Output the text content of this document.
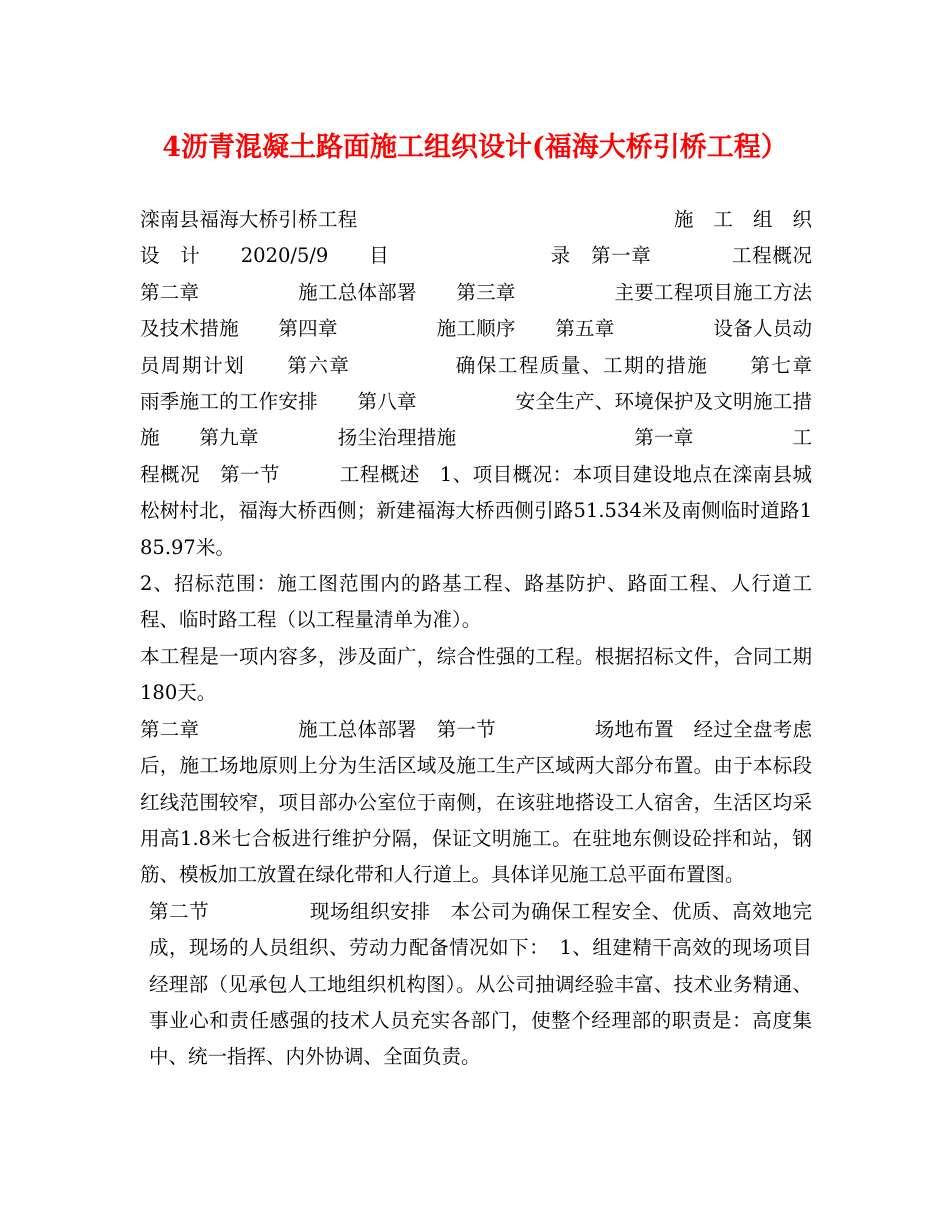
4沥青混凝土路面施工组织设计(福海大桥引桥工程）

滦南县福海大桥引桥工程　　　　　　　　　　　　　　　　施　工　组　织　设　计　　2020/5/9　　目　　　　　　　　录　第一章　　　　工程概况　　第二章　　　　　施工总体部署　　第三章　　　　　主要工程项目施工方法及技术措施　　第四章　　　　　施工顺序　　第五章　　　　　设备人员动员周期计划　　第六章　　　　　确保工程质量、工期的措施　　第七章　　　　　雨季施工的工作安排　　第八章　　　　　安全生产、环境保护及文明施工措施　　第九章　　　　扬尘治理措施　　　　　　　　　第一章　　　　　工程概况　第一节　　　工程概述　1、项目概况：本项目建设地点在滦南县城松树村北，福海大桥西侧；新建福海大桥西侧引路51.534米及南侧临时道路185.97米。

2、招标范围：施工图范围内的路基工程、路基防护、路面工程、人行道工程、临时路工程（以工程量清单为准）。

本工程是一项内容多，涉及面广，综合性强的工程。根据招标文件，合同工期180天。

第二章　　　　　施工总体部署　第一节　　　　　场地布置　经过全盘考虑后，施工场地原则上分为生活区域及施工生产区域两大部分布置。由于本标段红线范围较窄，项目部办公室位于南侧，在该驻地搭设工人宿舍，生活区均采用高1.8米七合板进行维护分隔，保证文明施工。在驻地东侧设砼拌和站，钢筋、模板加工放置在绿化带和人行道上。具体详见施工总平面布置图。

第二节　　　　　现场组织安排　本公司为确保工程安全、优质、高效地完成，现场的人员组织、劳动力配备情况如下：　1、组建精干高效的现场项目经理部（见承包人工地组织机构图）。从公司抽调经验丰富、技术业务精通、事业心和责任感强的技术人员充实各部门，使整个经理部的职责是：高度集中、统一指挥、内外协调、全面负责。
